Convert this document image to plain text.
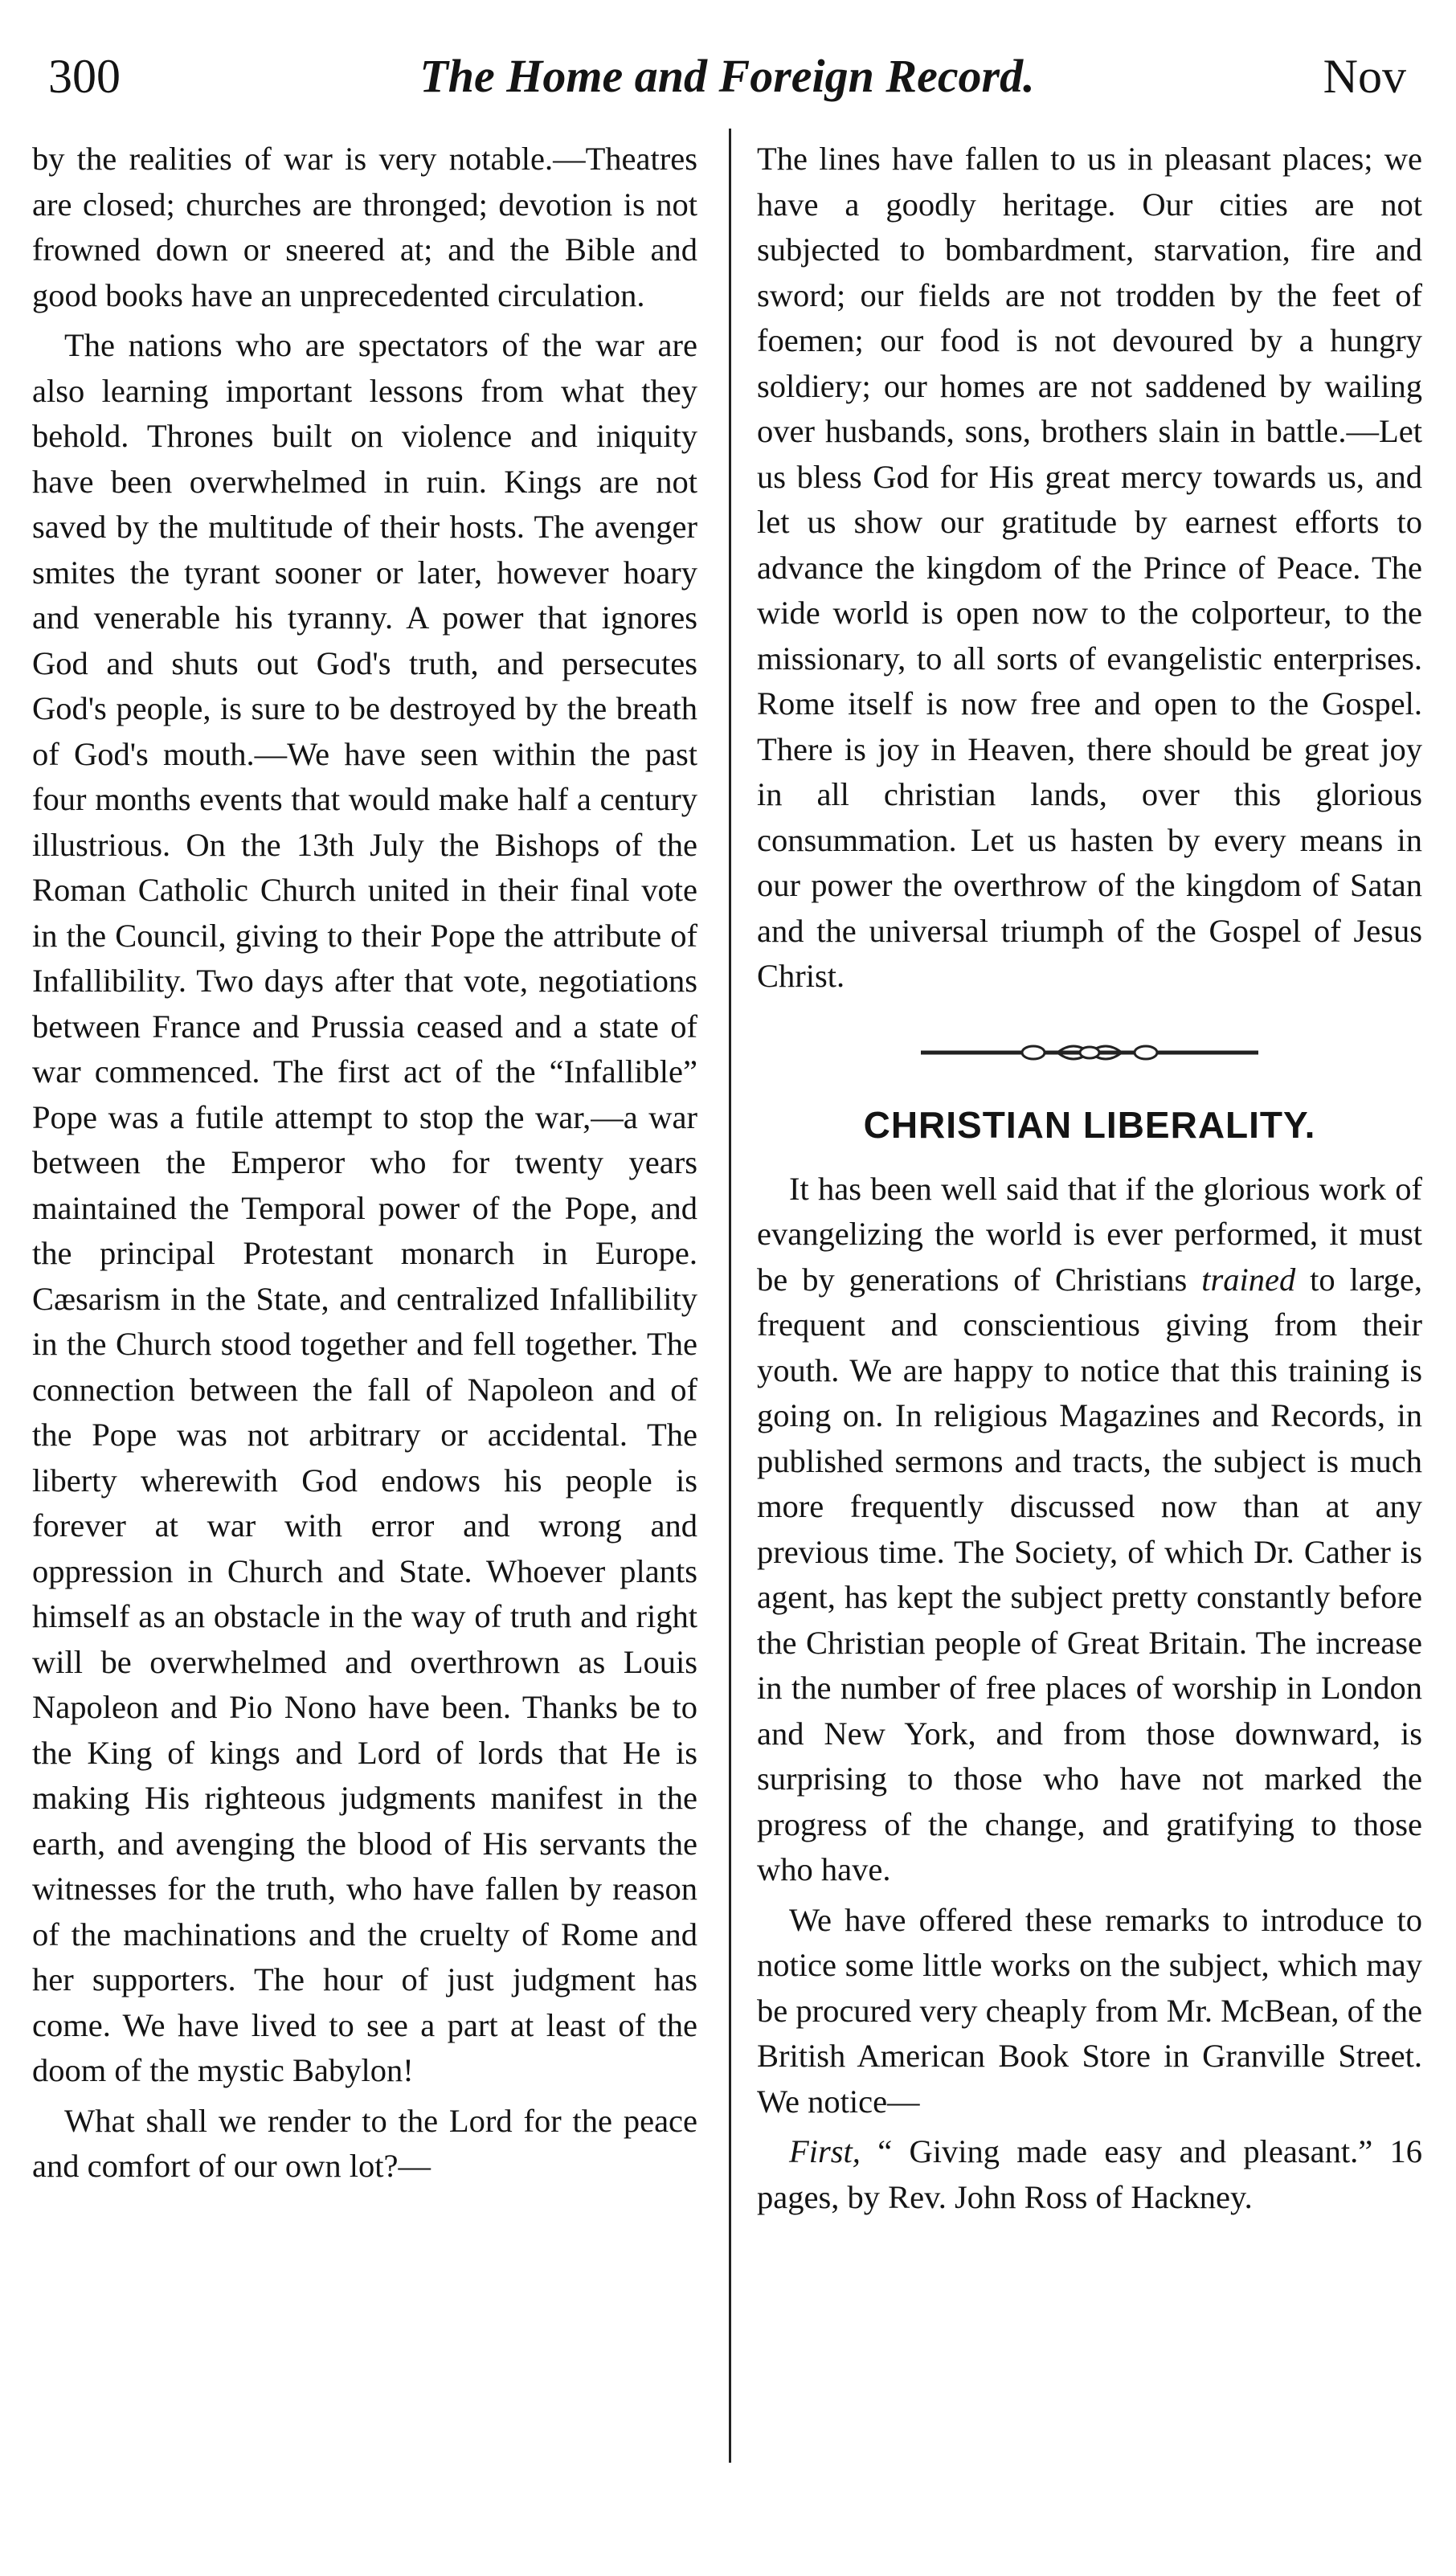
300	The Home and Foreign Record.	Nov

by the realities of war is very notable.—Theatres are closed; churches are thronged; devotion is not frowned down or sneered at; and the Bible and good books have an unprecedented circulation.

The nations who are spectators of the war are also learning important lessons from what they behold. Thrones built on violence and iniquity have been overwhelmed in ruin. Kings are not saved by the multitude of their hosts. The avenger smites the tyrant sooner or later, however hoary and venerable his tyranny. A power that ignores God and shuts out God's truth, and persecutes God's people, is sure to be destroyed by the breath of God's mouth.—We have seen within the past four months events that would make half a century illustrious. On the 13th July the Bishops of the Roman Catholic Church united in their final vote in the Council, giving to their Pope the attribute of Infallibility. Two days after that vote, negotiations between France and Prussia ceased and a state of war commenced. The first act of the “Infallible” Pope was a futile attempt to stop the war,—a war between the Emperor who for twenty years maintained the Temporal power of the Pope, and the principal Protestant monarch in Europe. Cæsarism in the State, and centralized Infallibility in the Church stood together and fell together. The connection between the fall of Napoleon and of the Pope was not arbitrary or accidental. The liberty wherewith God endows his people is forever at war with error and wrong and oppression in Church and State. Whoever plants himself as an obstacle in the way of truth and right will be overwhelmed and overthrown as Louis Napoleon and Pio Nono have been. Thanks be to the King of kings and Lord of lords that He is making His righteous judgments manifest in the earth, and avenging the blood of His servants the witnesses for the truth, who have fallen by reason of the machinations and the cruelty of Rome and her supporters. The hour of just judgment has come. We have lived to see a part at least of the doom of the mystic Babylon!

What shall we render to the Lord for the peace and comfort of our own lot?—

The lines have fallen to us in pleasant places; we have a goodly heritage. Our cities are not subjected to bombardment, starvation, fire and sword; our fields are not trodden by the feet of foemen; our food is not devoured by a hungry soldiery; our homes are not saddened by wailing over husbands, sons, brothers slain in battle.—Let us bless God for His great mercy towards us, and let us show our gratitude by earnest efforts to advance the kingdom of the Prince of Peace. The wide world is open now to the colporteur, to the missionary, to all sorts of evangelistic enterprises. Rome itself is now free and open to the Gospel. There is joy in Heaven, there should be great joy in all christian lands, over this glorious consummation. Let us hasten by every means in our power the overthrow of the kingdom of Satan and the universal triumph of the Gospel of Jesus Christ.

CHRISTIAN LIBERALITY.

It has been well said that if the glorious work of evangelizing the world is ever performed, it must be by generations of Christians trained to large, frequent and conscientious giving from their youth. We are happy to notice that this training is going on. In religious Magazines and Records, in published sermons and tracts, the subject is much more frequently discussed now than at any previous time. The Society, of which Dr. Cather is agent, has kept the subject pretty constantly before the Christian people of Great Britain. The increase in the number of free places of worship in London and New York, and from those downward, is surprising to those who have not marked the progress of the change, and gratifying to those who have.

We have offered these remarks to introduce to notice some little works on the subject, which may be procured very cheaply from Mr. McBean, of the British American Book Store in Granville Street. We notice—

First, “ Giving made easy and pleasant.” 16 pages, by Rev. John Ross of Hackney.
